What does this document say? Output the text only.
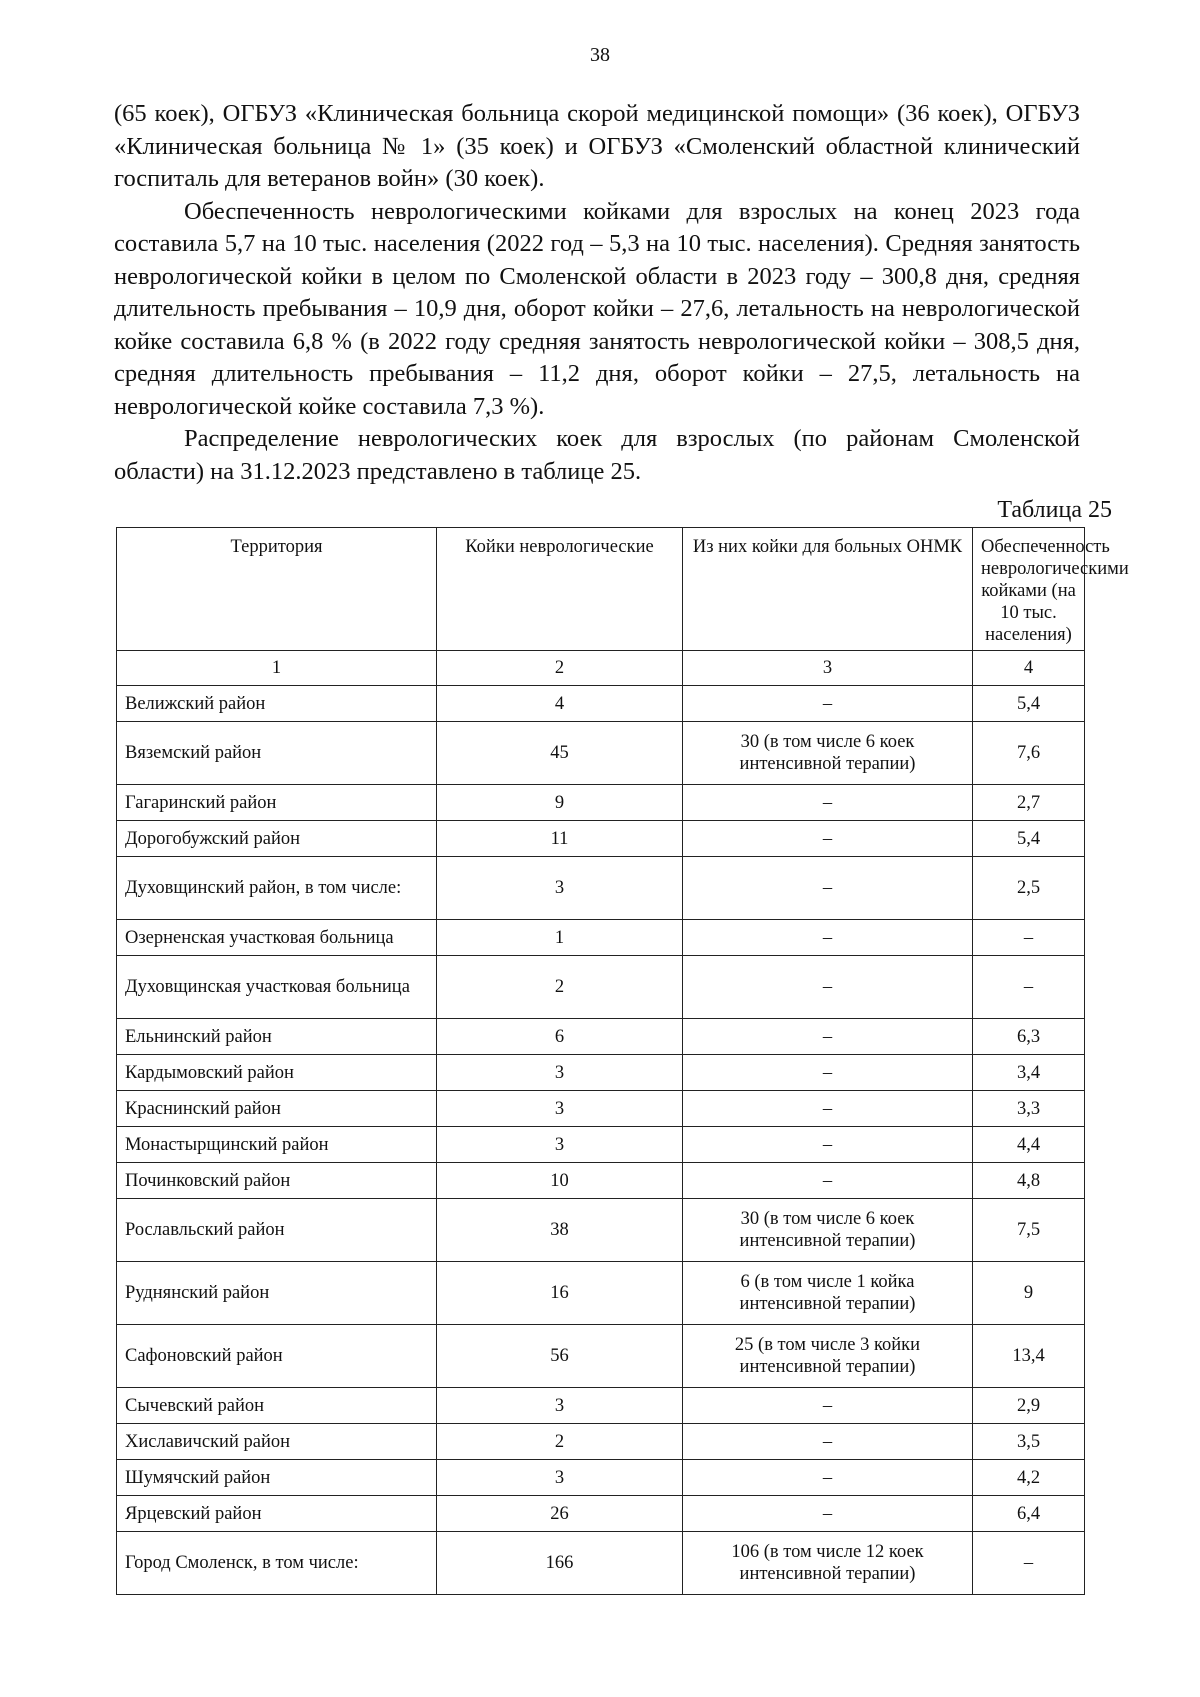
38

(65 коек), ОГБУЗ «Клиническая больница скорой медицинской помощи» (36 коек), ОГБУЗ «Клиническая больница № 1» (35 коек) и ОГБУЗ «Смоленский областной клинический госпиталь для ветеранов войн» (30 коек).

Обеспеченность неврологическими койками для взрослых на конец 2023 года составила 5,7 на 10 тыс. населения (2022 год – 5,3 на 10 тыс. населения). Средняя занятость неврологической койки в целом по Смоленской области в 2023 году – 300,8 дня, средняя длительность пребывания – 10,9 дня, оборот койки – 27,6, летальность на неврологической койке составила 6,8 % (в 2022 году средняя занятость неврологической койки – 308,5 дня, средняя длительность пребывания – 11,2 дня, оборот койки – 27,5, летальность на неврологической койке составила 7,3 %).

Распределение неврологических коек для взрослых (по районам Смоленской области) на 31.12.2023 представлено в таблице 25.

Таблица 25
Территория	Койки неврологические	Из них койки для больных ОНМК	Обеспеченность неврологическими койками (на 10 тыс. населения)
1	2	3	4
Велижский район	4	–	5,4
Вяземский район	45	30 (в том числе 6 коек интенсивной терапии)	7,6
Гагаринский район	9	–	2,7
Дорогобужский район	11	–	5,4
Духовщинский район, в том числе:	3	–	2,5
Озерненская участковая больница	1	–	–
Духовщинская участковая больница	2	–	–
Ельнинский район	6	–	6,3
Кардымовский район	3	–	3,4
Краснинский район	3	–	3,3
Монастырщинский район	3	–	4,4
Починковский район	10	–	4,8
Рославльский район	38	30 (в том числе 6 коек интенсивной терапии)	7,5
Руднянский район	16	6 (в том числе 1 койка интенсивной терапии)	9
Сафоновский район	56	25 (в том числе 3 койки интенсивной терапии)	13,4
Сычевский район	3	–	2,9
Хиславичский район	2	–	3,5
Шумячский район	3	–	4,2
Ярцевский район	26	–	6,4
Город Смоленск, в том числе:	166	106 (в том числе 12 коек интенсивной терапии)	–
